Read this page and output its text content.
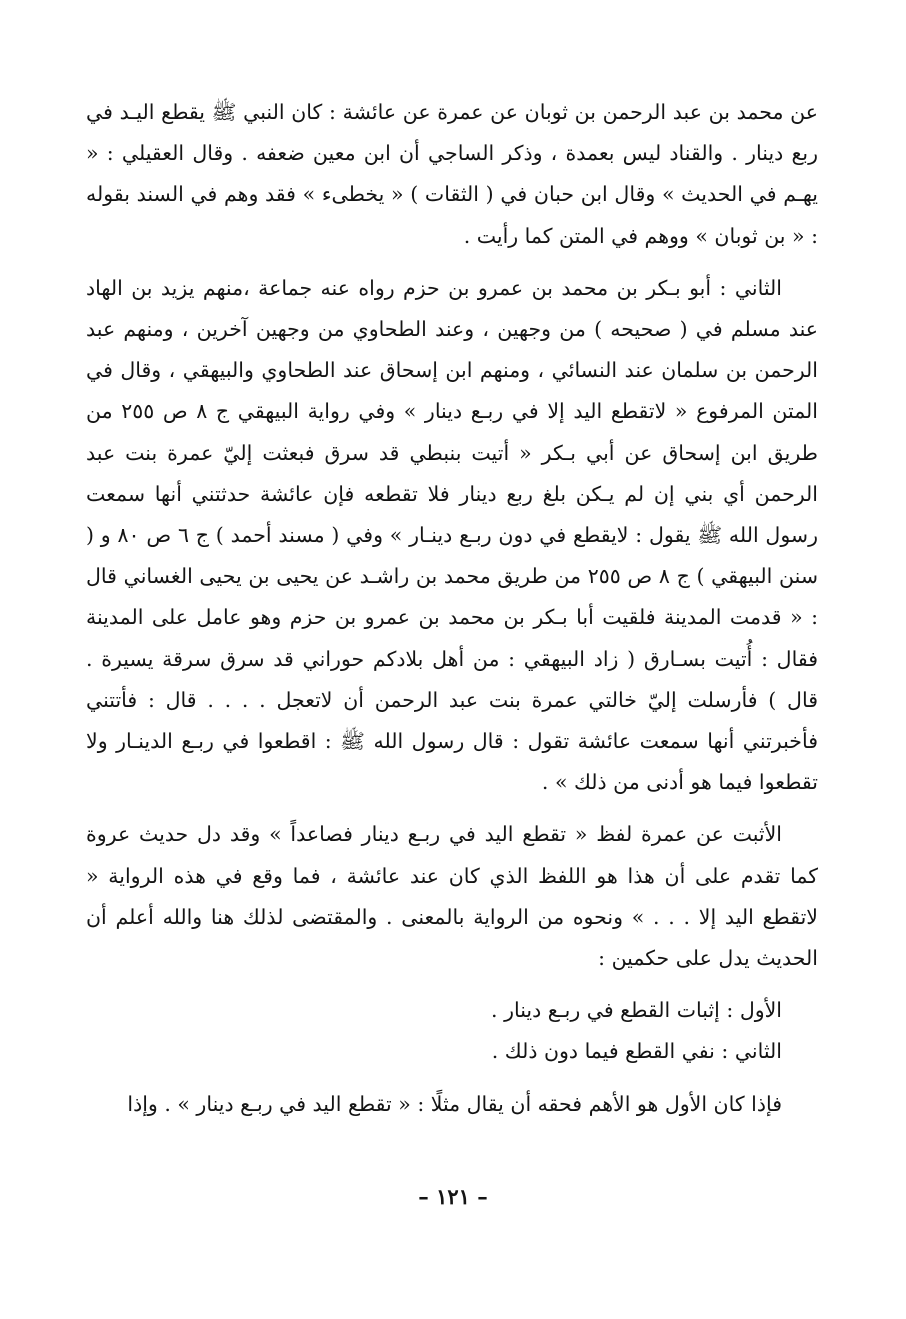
عن محمد بن عبد الرحمن بن ثوبان عن عمرة عن عائشة : كان النبي ﷺ يقطع اليـد في ربع دينار . والقناد ليس بعمدة ، وذكر الساجي أن ابن معين ضعفه . وقال العقيلي : « يهـم في الحديث » وقال ابن حبان في ( الثقات ) « يخطىء » فقد وهم في السند بقوله : « بن ثوبان » ووهم في المتن كما رأيت .

الثاني : أبو بـكر بن محمد بن عمرو بن حزم رواه عنه جماعة ،منهم يزيد بن الهاد عند مسلم في ( صحيحه ) من وجهين ، وعند الطحاوي من وجهين آخرين ، ومنهم عبد الرحمن بن سلمان عند النسائي ، ومنهم ابن إسحاق عند الطحاوي والبيهقي ، وقال في المتن المرفوع « لاتقطع اليد إلا في ربـع دينار » وفي رواية البيهقي ج ٨ ص ٢٥٥ من طريق ابن إسحاق عن أبي بـكر « أتيت بنبطي قد سرق فبعثت إليّ عمرة بنت عبد الرحمن أي بني إن لم يـكن بلغ ربع دينار فلا تقطعه فإن عائشة حدثتني أنها سمعت رسول الله ﷺ يقول : لايقطع في دون ربـع دينـار » وفي ( مسند أحمد ) ج ٦ ص ٨٠ و ( سنن البيهقي ) ج ٨ ص ٢٥٥ من طريق محمد بن راشـد عن يحيى بن يحيى الغساني قال : « قدمت المدينة فلقيت أبا بـكر بن محمد بن عمرو بن حزم وهو عامل على المدينة فقال : أُتيت بسـارق ( زاد البيهقي : من أهل بلادكم حوراني قد سرق سرقة يسيرة . قال ) فأرسلت إليّ خالتي عمرة بنت عبد الرحمن أن لاتعجل . . . . قال : فأتتني فأخبرتني أنها سمعت عائشة تقول : قال رسول الله ﷺ : اقطعوا في ربـع الدينـار ولا تقطعوا فيما هو أدنى من ذلك » .

الأثبت عن عمرة لفظ « تقطع اليد في ربـع دينار فصاعداً » وقد دل حديث عروة كما تقدم على أن هذا هو اللفظ الذي كان عند عائشة ، فما وقع في هذه الرواية « لاتقطع اليد إلا . . . » ونحوه من الرواية بالمعنى . والمقتضى لذلك هنا والله أعلم أن الحديث يدل على حكمين :

الأول : إثبات القطع في ربـع دينار .

الثاني : نفي القطع فيما دون ذلك .

فإذا كان الأول هو الأهم فحقه أن يقال مثلًا : « تقطع اليد في ربـع دينار » . وإذا

– ١٢١ –
